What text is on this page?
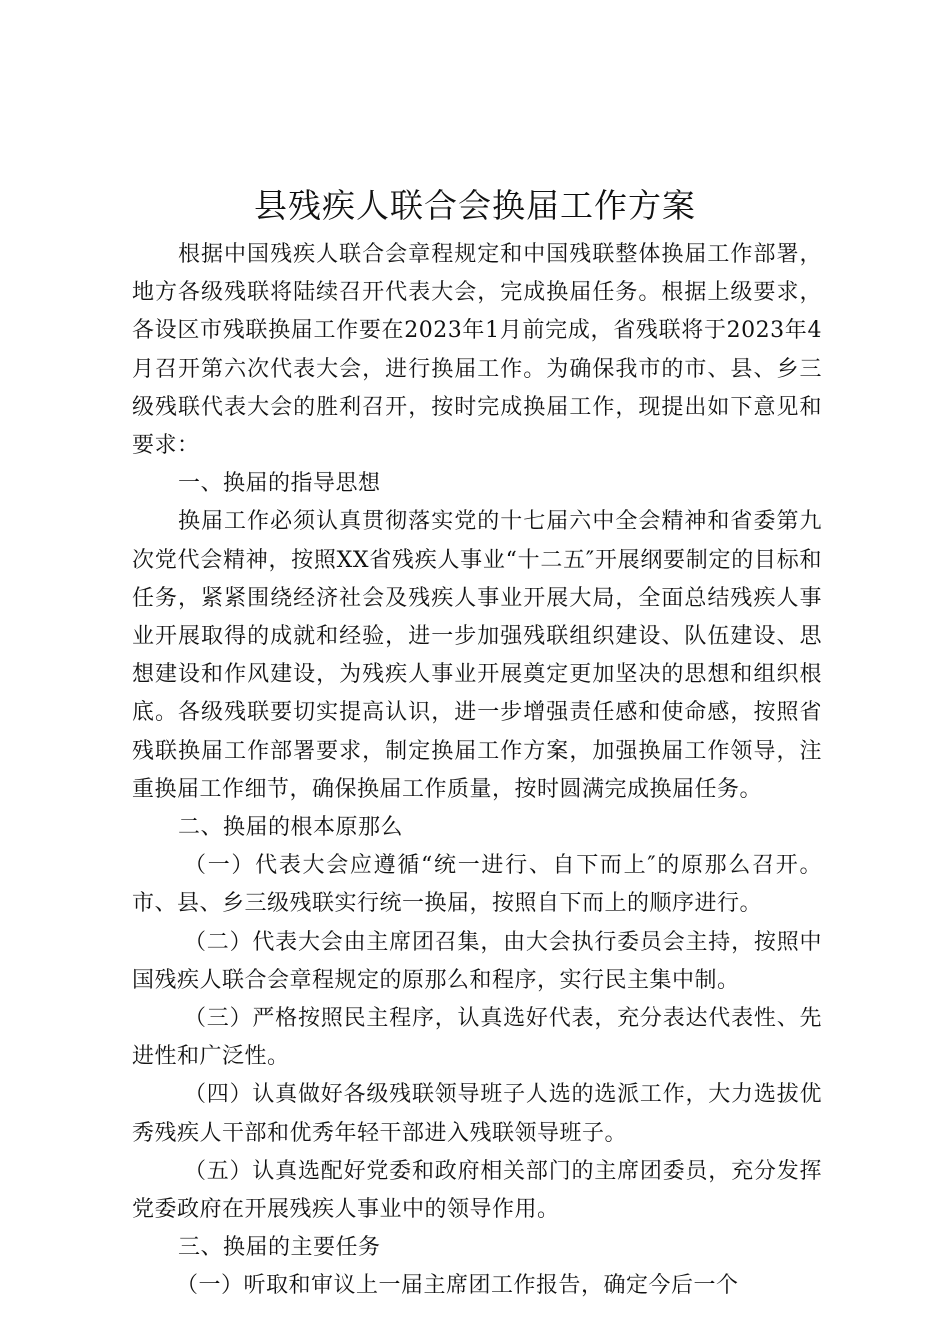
县残疾人联合会换届工作方案

根据中国残疾人联合会章程规定和中国残联整体换届工作部署，地方各级残联将陆续召开代表大会，完成换届任务。根据上级要求，各设区市残联换届工作要在2023年1月前完成，省残联将于2023年4月召开第六次代表大会，进行换届工作。为确保我市的市、县、乡三级残联代表大会的胜利召开，按时完成换届工作，现提出如下意见和要求：

一、换届的指导思想

换届工作必须认真贯彻落实党的十七届六中全会精神和省委第九次党代会精神，按照XX省残疾人事业“十二五″开展纲要制定的目标和任务，紧紧围绕经济社会及残疾人事业开展大局，全面总结残疾人事业开展取得的成就和经验，进一步加强残联组织建设、队伍建设、思想建设和作风建设，为残疾人事业开展奠定更加坚决的思想和组织根底。各级残联要切实提高认识，进一步增强责任感和使命感，按照省残联换届工作部署要求，制定换届工作方案，加强换届工作领导，注重换届工作细节，确保换届工作质量，按时圆满完成换届任务。

二、换届的根本原那么

（一）代表大会应遵循“统一进行、自下而上″的原那么召开。市、县、乡三级残联实行统一换届，按照自下而上的顺序进行。

（二）代表大会由主席团召集，由大会执行委员会主持，按照中国残疾人联合会章程规定的原那么和程序，实行民主集中制。

（三）严格按照民主程序，认真选好代表，充分表达代表性、先进性和广泛性。

（四）认真做好各级残联领导班子人选的选派工作，大力选拔优秀残疾人干部和优秀年轻干部进入残联领导班子。

（五）认真选配好党委和政府相关部门的主席团委员，充分发挥党委政府在开展残疾人事业中的领导作用。

三、换届的主要任务

（一）听取和审议上一届主席团工作报告，确定今后一个
